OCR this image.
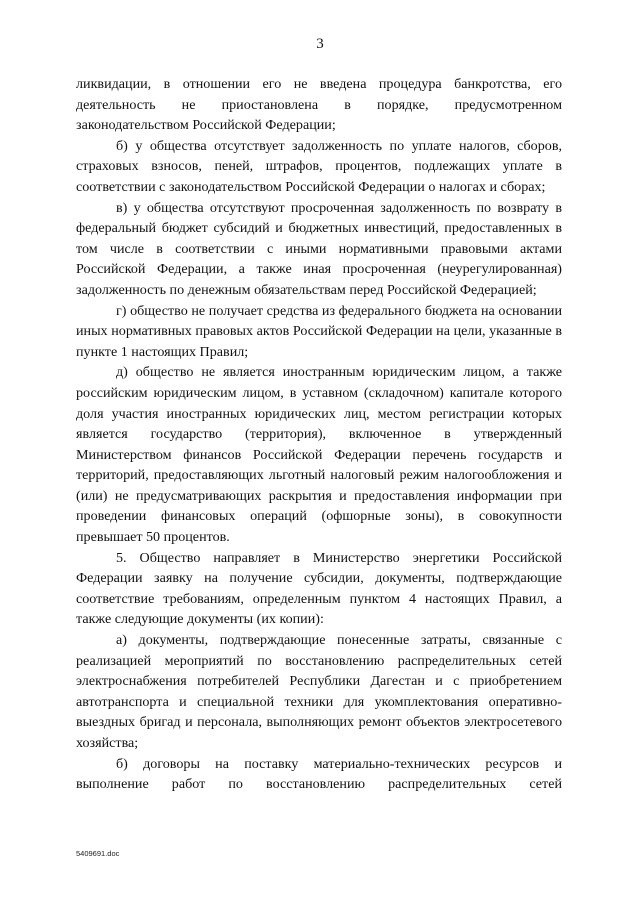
3

ликвидации, в отношении его не введена процедура банкротства, его деятельность не приостановлена в порядке, предусмотренном законодательством Российской Федерации;

б) у общества отсутствует задолженность по уплате налогов, сборов, страховых взносов, пеней, штрафов, процентов, подлежащих уплате в соответствии с законодательством Российской Федерации о налогах и сборах;

в) у общества отсутствуют просроченная задолженность по возврату в федеральный бюджет субсидий и бюджетных инвестиций, предоставленных в том числе в соответствии с иными нормативными правовыми актами Российской Федерации, а также иная просроченная (неурегулированная) задолженность по денежным обязательствам перед Российской Федерацией;

г) общество не получает средства из федерального бюджета на основании иных нормативных правовых актов Российской Федерации на цели, указанные в пункте 1 настоящих Правил;

д) общество не является иностранным юридическим лицом, а также российским юридическим лицом, в уставном (складочном) капитале которого доля участия иностранных юридических лиц, местом регистрации которых является государство (территория), включенное в утвержденный Министерством финансов Российской Федерации перечень государств и территорий, предоставляющих льготный налоговый режим налогообложения и (или) не предусматривающих раскрытия и предоставления информации при проведении финансовых операций (офшорные зоны), в совокупности превышает 50 процентов.

5. Общество направляет в Министерство энергетики Российской Федерации заявку на получение субсидии, документы, подтверждающие соответствие требованиям, определенным пунктом 4 настоящих Правил, а также следующие документы (их копии):

а) документы, подтверждающие понесенные затраты, связанные с реализацией мероприятий по восстановлению распределительных сетей электроснабжения потребителей Республики Дагестан и с приобретением автотранспорта и специальной техники для укомплектования оперативно-выездных бригад и персонала, выполняющих ремонт объектов электросетевого хозяйства;

б) договоры на поставку материально-технических ресурсов и выполнение работ по восстановлению распределительных сетей

5409691.doc
